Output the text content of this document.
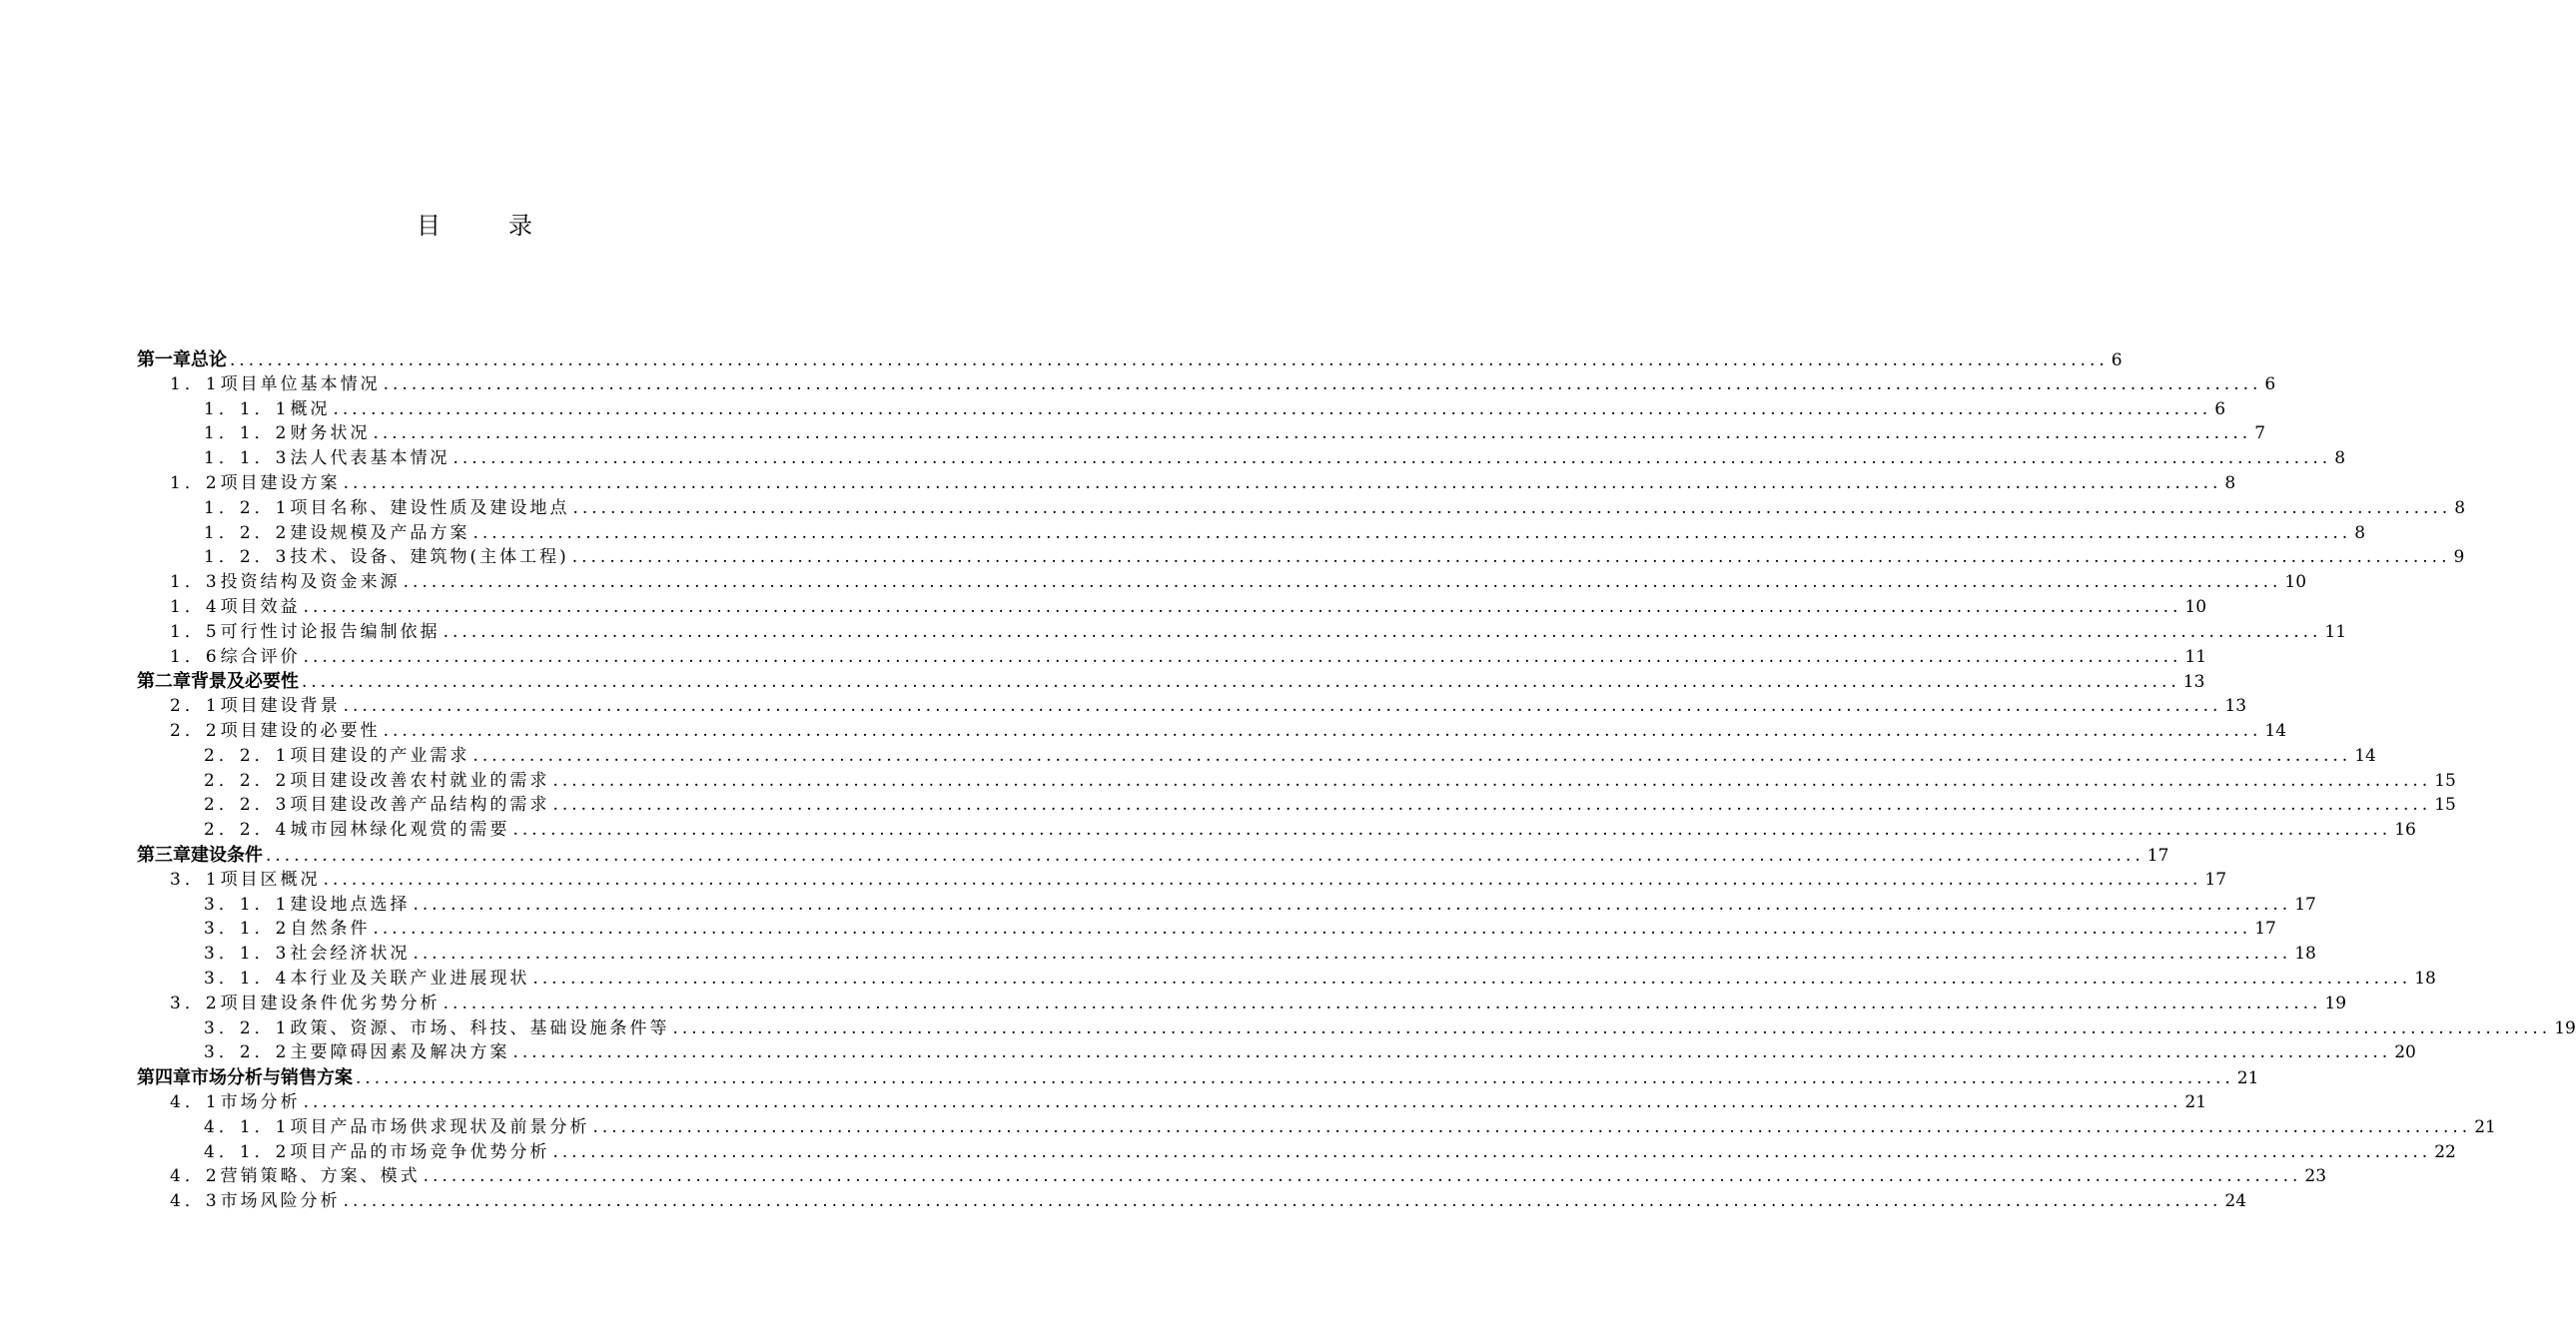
目　录
第一章 总论 ........................................................................................................................................................................................................ 6
1．1 项目单位基本情况 ........................................................................................................................................................................................................ 6
1．1．1 概况 ........................................................................................................................................................................................................ 6
1．1．2 财务状况 ........................................................................................................................................................................................................ 7
1．1．3 法人代表基本情况 ........................................................................................................................................................................................................ 8
1．2 项目建设方案 ........................................................................................................................................................................................................ 8
1．2．1 项目名称、建设性质及建设地点 ........................................................................................................................................................................................................ 8
1．2．2 建设规模及产品方案 ........................................................................................................................................................................................................ 8
1．2．3 技术、设备、建筑物(主体工程) ........................................................................................................................................................................................................ 9
1．3 投资结构及资金来源 ........................................................................................................................................................................................................ 10
1．4 项目效益 ........................................................................................................................................................................................................ 10
1．5 可行性讨论报告编制依据 ........................................................................................................................................................................................................ 11
1．6 综合评价 ........................................................................................................................................................................................................ 11
第二章 背景及必要性 ........................................................................................................................................................................................................ 13
2．1 项目建设背景 ........................................................................................................................................................................................................ 13
2．2 项目建设的必要性 ........................................................................................................................................................................................................ 14
2．2．1 项目建设的产业需求 ........................................................................................................................................................................................................ 14
2．2．2 项目建设改善农村就业的需求 ........................................................................................................................................................................................................ 15
2．2．3 项目建设改善产品结构的需求 ........................................................................................................................................................................................................ 15
2．2．4 城市园林绿化观赏的需要 ........................................................................................................................................................................................................ 16
第三章 建设条件 ........................................................................................................................................................................................................ 17
3．1 项目区概况 ........................................................................................................................................................................................................ 17
3．1．1 建设地点选择 ........................................................................................................................................................................................................ 17
3．1．2 自然条件 ........................................................................................................................................................................................................ 17
3．1．3 社会经济状况 ........................................................................................................................................................................................................ 18
3．1．4 本行业及关联产业进展现状 ........................................................................................................................................................................................................ 18
3．2 项目建设条件优劣势分析 ........................................................................................................................................................................................................ 19
3．2．1 政策、资源、市场、科技、基础设施条件等 ........................................................................................................................................................................................................ 19
3．2．2 主要障碍因素及解决方案 ........................................................................................................................................................................................................ 20
第四章 市场分析与销售方案 ........................................................................................................................................................................................................ 21
4．1 市场分析 ........................................................................................................................................................................................................ 21
4．1．1 项目产品市场供求现状及前景分析 ........................................................................................................................................................................................................ 21
4．1．2 项目产品的市场竞争优势分析 ........................................................................................................................................................................................................ 22
4．2 营销策略、方案、模式 ........................................................................................................................................................................................................ 23
4．3 市场风险分析 ........................................................................................................................................................................................................ 24
